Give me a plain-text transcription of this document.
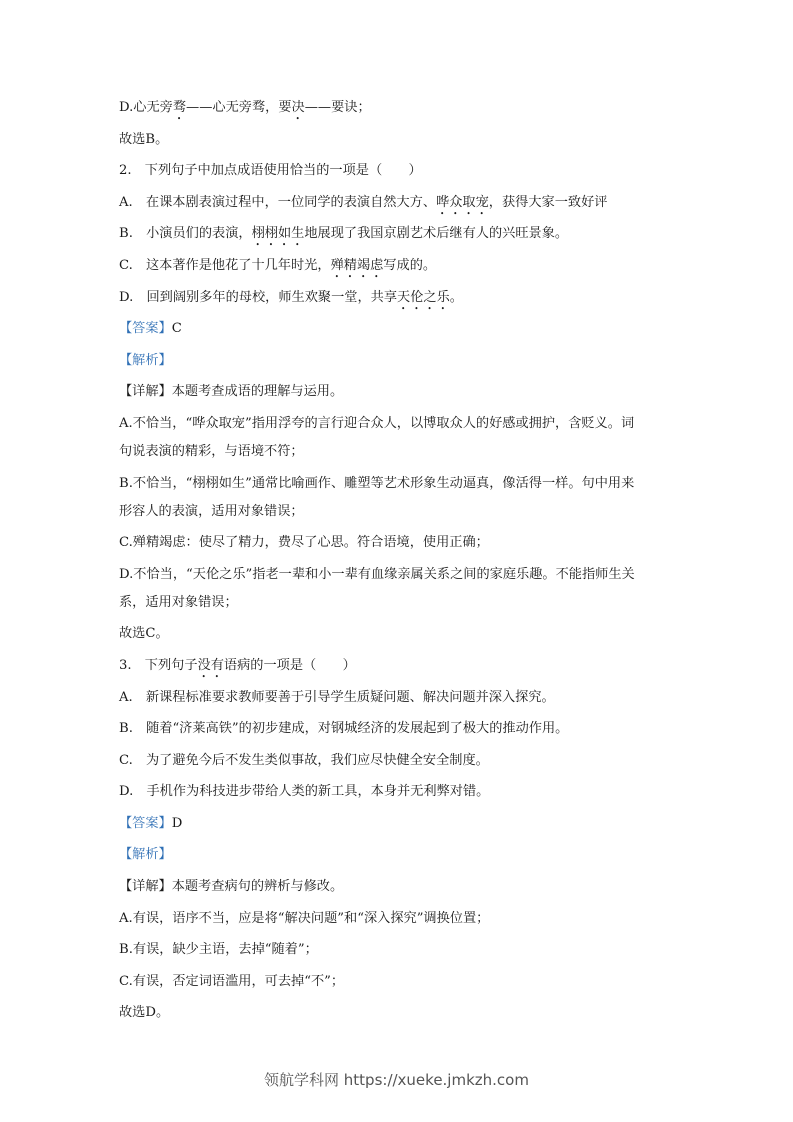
D.心无旁骛——心无旁骛，要决——要诀；
故选B。
2.　下列句子中加点成语使用恰当的一项是（　　）
A.　在课本剧表演过程中，一位同学的表演自然大方、哗众取宠，获得大家一致好评
B.　小演员们的表演，栩栩如生地展现了我国京剧艺术后继有人的兴旺景象。
C.　这本著作是他花了十几年时光，殚精竭虑写成的。
D.　回到阔别多年的母校，师生欢聚一堂，共享天伦之乐。
【答案】C
【解析】
【详解】本题考查成语的理解与运用。
A.不恰当，“哗众取宠”指用浮夸的言行迎合众人，以博取众人的好感或拥护，含贬义。词
句说表演的精彩，与语境不符；
B.不恰当，“栩栩如生”通常比喻画作、雕塑等艺术形象生动逼真，像活得一样。句中用来
形容人的表演，适用对象错误；
C.殚精竭虑：使尽了精力，费尽了心思。符合语境，使用正确；
D.不恰当，“天伦之乐”指老一辈和小一辈有血缘亲属关系之间的家庭乐趣。不能指师生关
系，适用对象错误；
故选C。
3.　下列句子没有语病的一项是（　　）
A.　新课程标准要求教师要善于引导学生质疑问题、解决问题并深入探究。
B.　随着“济莱高铁”的初步建成，对钢城经济的发展起到了极大的推动作用。
C.　为了避免今后不发生类似事故，我们应尽快健全安全制度。
D.　手机作为科技进步带给人类的新工具，本身并无利弊对错。
【答案】D
【解析】
【详解】本题考查病句的辨析与修改。
A.有误，语序不当，应是将“解决问题”和“深入探究”调换位置；
B.有误，缺少主语，去掉“随着”；
C.有误，否定词语滥用，可去掉“不”；
故选D。
领航学科网 https://xueke.jmkzh.com
